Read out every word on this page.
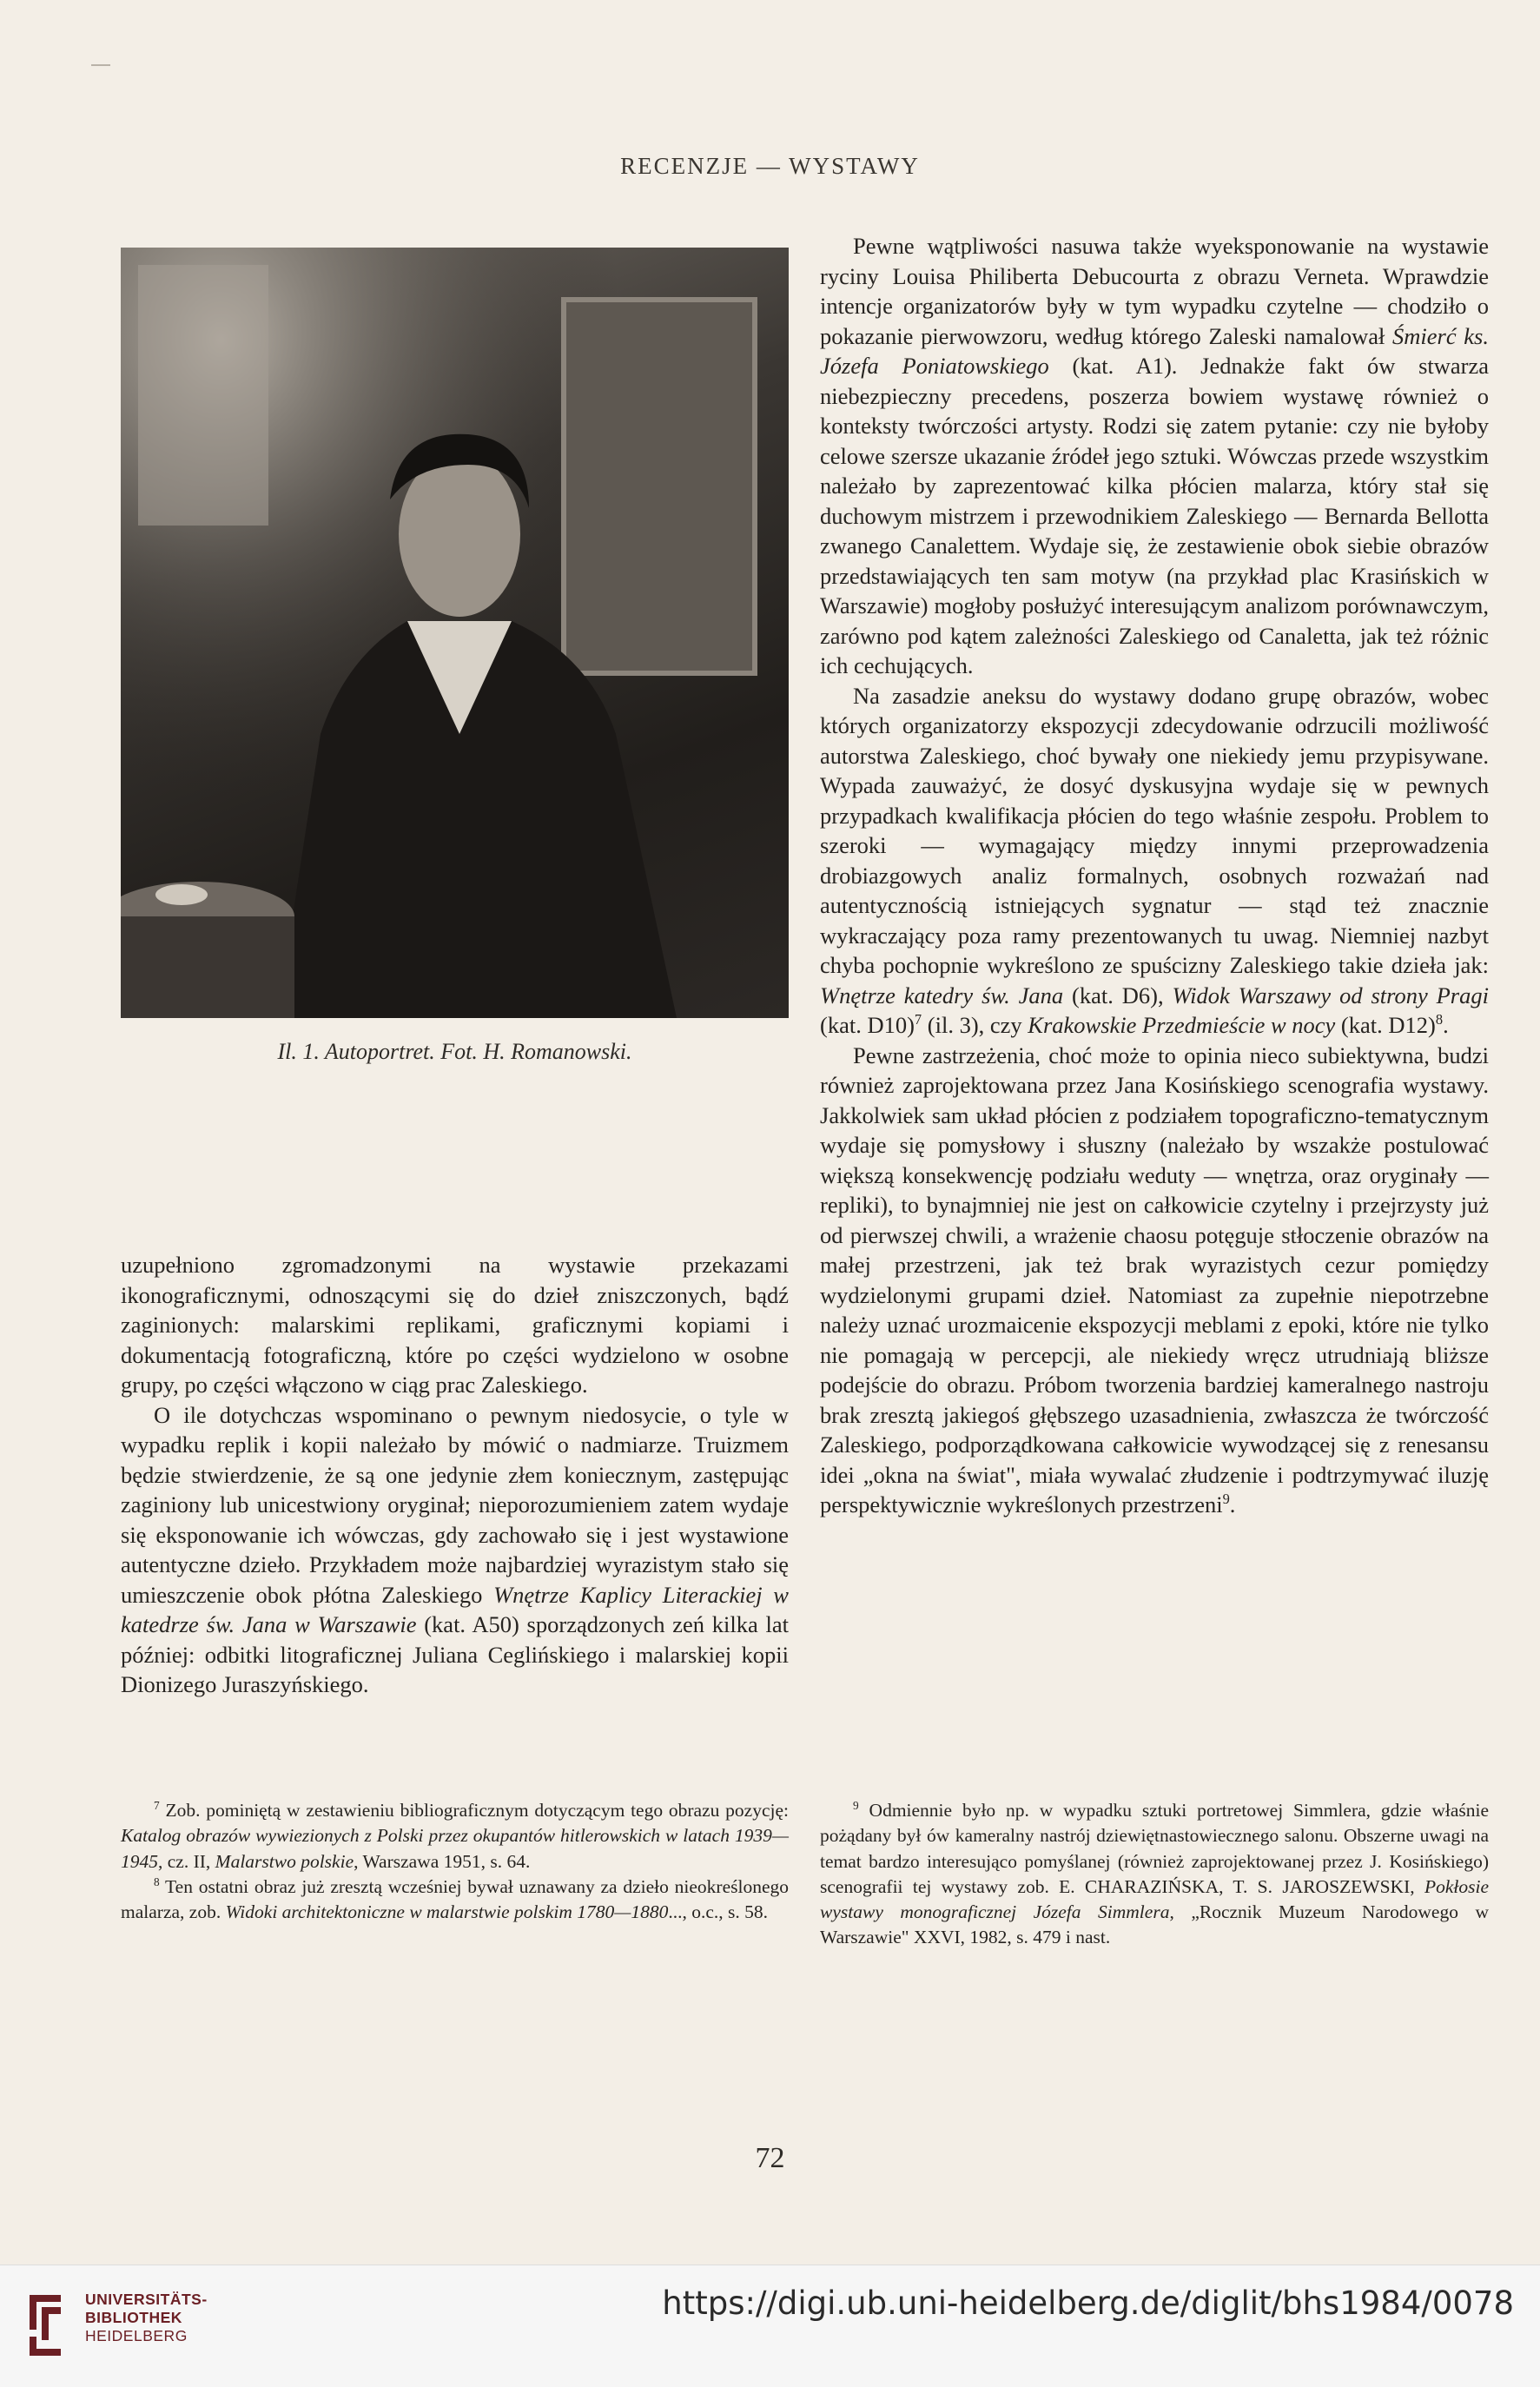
RECENZJE — WYSTAWY
Il. 1. Autoportret. Fot. H. Romanowski.

uzupełniono zgromadzonymi na wystawie przekazami ikonograficznymi, odnoszącymi się do dzieł zniszczonych, bądź zaginionych: malarskimi replikami, graficznymi kopiami i dokumentacją fotograficzną, które po części wydzielono w osobne grupy, po części włączono w ciąg prac Zaleskiego.

O ile dotychczas wspominano o pewnym niedosycie, o tyle w wypadku replik i kopii należało by mówić o nadmiarze. Truizmem będzie stwierdzenie, że są one jedynie złem koniecznym, zastępując zaginiony lub unicestwiony oryginał; nieporozumieniem zatem wydaje się eksponowanie ich wówczas, gdy zachowało się i jest wystawione autentyczne dzieło. Przykładem może najbardziej wyrazistym stało się umieszczenie obok płótna Zaleskiego Wnętrze Kaplicy Literackiej w katedrze św. Jana w Warszawie (kat. A50) sporządzonych zeń kilka lat później: odbitki litograficznej Juliana Ceglińskiego i malarskiej kopii Dionizego Juraszyńskiego.

Pewne wątpliwości nasuwa także wyeksponowanie na wystawie ryciny Louisa Philiberta Debucourta z obrazu Verneta. Wprawdzie intencje organizatorów były w tym wypadku czytelne — chodziło o pokazanie pierwowzoru, według którego Zaleski namalował Śmierć ks. Józefa Poniatowskiego (kat. A1). Jednakże fakt ów stwarza niebezpieczny precedens, poszerza bowiem wystawę również o konteksty twórczości artysty. Rodzi się zatem pytanie: czy nie byłoby celowe szersze ukazanie źródeł jego sztuki. Wówczas przede wszystkim należało by zaprezentować kilka płócien malarza, który stał się duchowym mistrzem i przewodnikiem Zaleskiego — Bernarda Bellotta zwanego Canalettem. Wydaje się, że zestawienie obok siebie obrazów przedstawiających ten sam motyw (na przykład plac Krasińskich w Warszawie) mogłoby posłużyć interesującym analizom porównawczym, zarówno pod kątem zależności Zaleskiego od Canaletta, jak też różnic ich cechujących.

Na zasadzie aneksu do wystawy dodano grupę obrazów, wobec których organizatorzy ekspozycji zdecydowanie odrzucili możliwość autorstwa Zaleskiego, choć bywały one niekiedy jemu przypisywane. Wypada zauważyć, że dosyć dyskusyjna wydaje się w pewnych przypadkach kwalifikacja płócien do tego właśnie zespołu. Problem to szeroki — wymagający między innymi przeprowadzenia drobiazgowych analiz formalnych, osobnych rozważań nad autentycznością istniejących sygnatur — stąd też znacznie wykraczający poza ramy prezentowanych tu uwag. Niemniej nazbyt chyba pochopnie wykreślono ze spuścizny Zaleskiego takie dzieła jak: Wnętrze katedry św. Jana (kat. D6), Widok Warszawy od strony Pragi (kat. D10)$^7$ (il. 3), czy Krakowskie Przedmieście w nocy (kat. D12)$^8$.

Pewne zastrzeżenia, choć może to opinia nieco subiektywna, budzi również zaprojektowana przez Jana Kosińskiego scenografia wystawy. Jakkolwiek sam układ płócien z podziałem topograficzno-tematycznym wydaje się pomysłowy i słuszny (należało by wszakże postulować większą konsekwencję podziału weduty — wnętrza, oraz oryginały — repliki), to bynajmniej nie jest on całkowicie czytelny i przejrzysty już od pierwszej chwili, a wrażenie chaosu potęguje stłoczenie obrazów na małej przestrzeni, jak też brak wyrazistych cezur pomiędzy wydzielonymi grupami dzieł. Natomiast za zupełnie niepotrzebne należy uznać urozmaicenie ekspozycji meblami z epoki, które nie tylko nie pomagają w percepcji, ale niekiedy wręcz utrudniają bliższe podejście do obrazu. Próbom tworzenia bardziej kameralnego nastroju brak zresztą jakiegoś głębszego uzasadnienia, zwłaszcza że twórczość Zaleskiego, podporządkowana całkowicie wywodzącej się z renesansu idei „okna na świat", miała wywalać złudzenie i podtrzymywać iluzję perspektywicznie wykreślonych przestrzeni$^9$.

$^7$ Zob. pominiętą w zestawieniu bibliograficznym dotyczącym tego obrazu pozycję: Katalog obrazów wywiezionych z Polski przez okupantów hitlerowskich w latach 1939—1945, cz. II, Malarstwo polskie, Warszawa 1951, s. 64.

$^8$ Ten ostatni obraz już zresztą wcześniej bywał uznawany za dzieło nieokreślonego malarza, zob. Widoki architektoniczne w malarstwie polskim 1780—1880..., o.c., s. 58.

$^9$ Odmiennie było np. w wypadku sztuki portretowej Simmlera, gdzie właśnie pożądany był ów kameralny nastrój dziewiętnastowiecznego salonu. Obszerne uwagi na temat bardzo interesująco pomyślanej (również zaprojektowanej przez J. Kosińskiego) scenografii tej wystawy zob. E. CHARAZIŃSKA, T. S. JAROSZEWSKI, Pokłosie wystawy monograficznej Józefa Simmlera, „Rocznik Muzeum Narodowego w Warszawie" XXVI, 1982, s. 479 i nast.

72
UNIVERSITÄTS-
BIBLIOTHEK
HEIDELBERG
https://digi.ub.uni-heidelberg.de/diglit/bhs1984/0078
